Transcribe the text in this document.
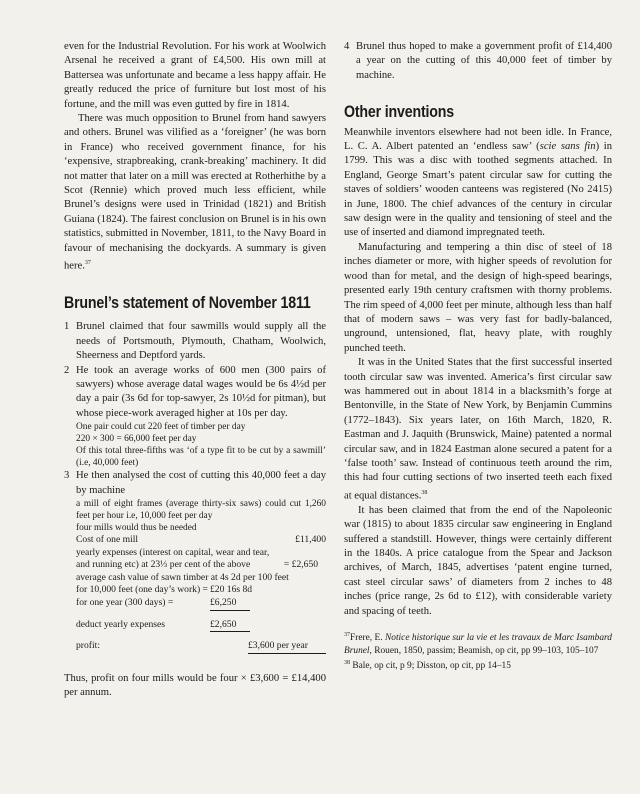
even for the Industrial Revolution. For his work at Woolwich Arsenal he received a grant of £4,500. His own mill at Battersea was unfortunate and became a less happy affair. He greatly reduced the price of furniture but lost most of his fortune, and the mill was even gutted by fire in 1814.

There was much opposition to Brunel from hand sawyers and others. Brunel was vilified as a ‘foreigner’ (he was born in France) who received government finance, for his ‘expensive, strapbreaking, crank-breaking’ machinery. It did not matter that later on a mill was erected at Rotherhithe by a Scot (Rennie) which proved much less efficient, while Brunel’s designs were used in Trinidad (1821) and British Guiana (1824). The fairest conclusion on Brunel is in his own statistics, submitted in November, 1811, to the Navy Board in favour of mechanising the dockyards. A summary is given here.$^{37}$

Brunel’s statement of November 1811
1 Brunel claimed that four sawmills would supply all the needs of Portsmouth, Plymouth, Chatham, Woolwich, Sheerness and Deptford yards.
2 He took an average works of 600 men (300 pairs of sawyers) whose average datal wages would be 6s 4½d per day a pair (3s 6d for top-sawyer, 2s 10½d for pitman), but whose piece-work averaged higher at 10s per day.
One pair could cut 220 feet of timber per day
220 × 300 = 66,000 feet per day
Of this total three-fifths was ‘of a type fit to be cut by a sawmill’ (i.e, 40,000 feet)
3 He then analysed the cost of cutting this 40,000 feet a day by machine
a mill of eight frames (average thirty-six saws) could cut 1,260 feet per hour i.e, 10,000 feet per day
four mills would thus be needed
Cost of one mill	£11,400
yearly expenses (interest on capital, wear and tear, and running etc) at 23⅓ per cent of the above	= £2,650
average cash value of sawn timber at 4s 2d per 100 feet
for 10,000 feet (one day’s work) = £20 16s 8d
for one year (300 days) =	£6,250
deduct yearly expenses	£2,650
profit:	£3,600 per year

Thus, profit on four mills would be four × £3,600 = £14,400 per annum.

4 Brunel thus hoped to make a government profit of £14,400 a year on the cutting of this 40,000 feet of timber by machine.
Other inventions

Meanwhile inventors elsewhere had not been idle. In France, L. C. A. Albert patented an ‘endless saw’ (scie sans fin) in 1799. This was a disc with toothed segments attached. In England, George Smart’s patent circular saw for cutting the staves of soldiers’ wooden canteens was registered (No 2415) in June, 1800. The chief advances of the century in circular saw design were in the quality and tensioning of steel and the use of inserted and diamond impregnated teeth.

Manufacturing and tempering a thin disc of steel of 18 inches diameter or more, with higher speeds of revolution for wood than for metal, and the design of high-speed bearings, presented early 19th century craftsmen with thorny problems. The rim speed of 4,000 feet per minute, although less than half that of modern saws – was very fast for badly-balanced, unground, untensioned, flat, heavy plate, with roughly punched teeth.

It was in the United States that the first successful inserted tooth circular saw was invented. America’s first circular saw was hammered out in about 1814 in a blacksmith’s forge at Bentonville, in the State of New York, by Benjamin Cummins (1772–1843). Six years later, on 16th March, 1820, R. Eastman and J. Jaquith (Brunswick, Maine) patented a normal circular saw, and in 1824 Eastman alone secured a patent for a ‘false tooth’ saw. Instead of continuous teeth around the rim, this had four cutting sections of two inserted teeth each fixed at equal distances.$^{38}$

It has been claimed that from the end of the Napoleonic war (1815) to about 1835 circular saw engineering in England suffered a standstill. However, things were certainly different in the 1840s. A price catalogue from the Spear and Jackson archives, of March, 1845, advertises ‘patent engine turned, cast steel circular saws’ of diameters from 2 inches to 48 inches (price range, 2s 6d to £12), with considerable variety and spacing of teeth.

$^{37}$Frere, E. Notice historique sur la vie et les travaux de Marc Isambard Brunel, Rouen, 1850, passim; Beamish, op cit, pp 99–103, 105–107

$^{38}$ Bale, op cit, p 9; Disston, op cit, pp 14–15
